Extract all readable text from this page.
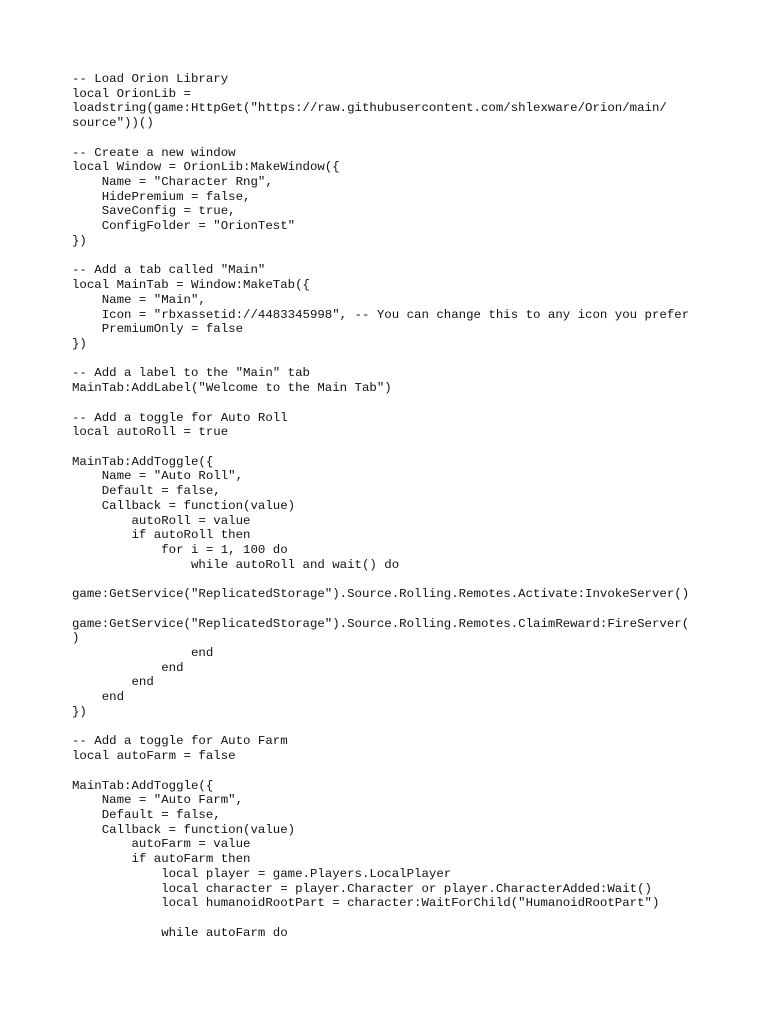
-- Load Orion Library
local OrionLib =
loadstring(game:HttpGet("https://raw.githubusercontent.com/shlexware/Orion/main/
source"))()
-- Create a new window
local Window = OrionLib:MakeWindow({
Name = "Character Rng",
HidePremium = false,
SaveConfig = true,
ConfigFolder = "OrionTest"
})
-- Add a tab called "Main"
local MainTab = Window:MakeTab({
Name = "Main",
Icon = "rbxassetid://4483345998", -- You can change this to any icon you prefer
PremiumOnly = false
})
-- Add a label to the "Main" tab
MainTab:AddLabel("Welcome to the Main Tab")
-- Add a toggle for Auto Roll
local autoRoll = true
MainTab:AddToggle({
Name = "Auto Roll",
Default = false,
Callback = function(value)
autoRoll = value
if autoRoll then
for i = 1, 100 do
while autoRoll and wait() do
game:GetService("ReplicatedStorage").Source.Rolling.Remotes.Activate:InvokeServer()
game:GetService("ReplicatedStorage").Source.Rolling.Remotes.ClaimReward:FireServer(
)
end
end
end
end
})
-- Add a toggle for Auto Farm
local autoFarm = false
MainTab:AddToggle({
Name = "Auto Farm",
Default = false,
Callback = function(value)
autoFarm = value
if autoFarm then
local player = game.Players.LocalPlayer
local character = player.Character or player.CharacterAdded:Wait()
local humanoidRootPart = character:WaitForChild("HumanoidRootPart")
while autoFarm do
